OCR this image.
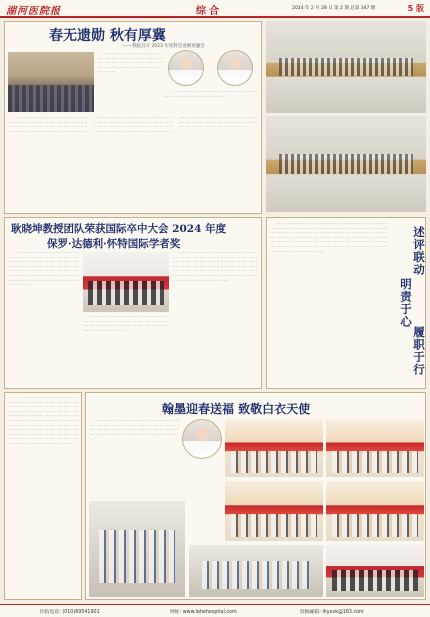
湖河医院报	综合	2024 年 2 月 28 日 第 2 期 总第 347 期	5 版
春无遗勋 秋有厚冀
——我院召开 2023 年度科室述职述廉会

· · · · · · · · · · · · · · · · · · · · · · · · · · · · · · · · · · · · · · · · · · · · · · · · · · · · · · · · · · · · · · · · · · · · · · · · · · · · · · · · · · · · · · · · · · · · · · · · · · · · · · · · · · · · · · · · · · · · · · · · · · · · · · · · ·

· · · · · · · · · · · · · · · · · · · · · · · · · · · · · · · · · · · · · · · · · · · · · · · · · · · · · · · · · · · · · · · · · · · ·

· · · · · · · · · · · · · · · · · · · · · · · · · · · · · · · · · · · · · · · · · · · · · · · · · · · · · · · · · · · · · · · · · · · · · · · · · · · · · · · · · · · · · · · · · · · · · · · · · · · · · · · · · · · · · · · · · · · · · · · · · · · · · · · · · · · · · · · · · · · · · · · · · · · · · · · · · · · · · · · · · · · · · · · · · · · · · · · · · · · · · · · · · · · · · · · · · · · · · · · · · · · · · · · · · · · · · · · · · · · · · · · · · · · · · · · · · · · · · · · · · · · · · · · · · · · · · · · · · · · · · · · · · · · · · · · · · · · · · · · · · · · · · · · · · · · · · · · · · · · · · · · · · · · · · · · · · · · · · · · · · · · · · · · · · · · · · · · · · · · · · · · · · · · · · · · · · · · · · · · · · · · · · · · · · · · · · · · · · · · · · · · · · · · · · · · · · · · · · · ·

耿晓坤教授团队荣获国际卒中大会 2024 年度
保罗·达德利·怀特国际学者奖

· · · · · · · · · · · · · · · · · · · · · · · · · · · · · · · · · · · · · · · · · · · · · · · · · · · · · · · · · · · · · · · · · · · · · · · · · · · · · · · · · · · · · · · · · · · · · · · · · · · · · · · · · · · · · · · · · · · · · · · · · · · · · · · · · · · · · · · · · · · · · · · · · · · · · · · · · · · · · · · · · · · · · · · · · · · · · · · · · · · · · · · · · · · · · · · · · · · · · · · · · · · · · · · · · · · · · · · · · · · · · · · · · · · · · · · · · · · · · · ·

· · · · · · · · · · · · · · · · · · · · · · · · · · · · · · · · · · · · · · · · · · · · · · · · · · · · · · · · · · · · · · · · · · · · · · · · · · · · · · · · · · · · · · · · · · · · · · · · · · · · · · · · · · · · · · · · · · · · · · · · · · · · · · · · · · · · · · · · · · · · · · · · · · · · · · · · · · · · · · · · · · · · · · · · · · · · · · · · · · · · · · · · · · · · · · · · · · · · · · · · · · · · · · · · · · · · · · · · · · · · · · · · · · · · · · · · · · · · · · · · · · · · · · · · · · · · · · · · · · · · · · ·

· · · · · · · · · · · · · · · · · · · · · · · · · · · · · · · · · · · · · · · · · · · · · · · · · · · · · · · · · · · · · · · · · · · · · · · · · · · · · · · · · · · · · · · · · · · · · · · · · · · · · · · · · · · · · · · · · · · · · · · · · · · · · · · · · · · · · · · · ·

· · · · · · · · · · · · · · · · · · · · · · · · · · · · · · · · · · · · · · · · · · · · · · · · · · · · · · · · · · · · · · · · · · · · · · · · · · · · · · · · · · · · · · · · · · · · · · · · · · · · · · · · · · · · · · · · · · · · · · · · · · · · · · · · · · · · · · · · · · · · · · · · · · · · · · · · · · · · · · · · · · · · · · · · · · · · · · · · · · · · · · · · · · · · · · · · · · · · · · · · · · · · · · · · · · · · · · · · · · · · · · · · · · · · · · · · · · · · · · · · · · · · · · · · · · · · · · · · · · · · · · · · · · · · · · · · · · · · · · · · · · · · · · · · · · · · · · · · · · · · · · · · · · · · · · · · · · · · · · · · · · · · · · · · · · · · · · · · · · · · · · · · · · · · · · · ·	述评联动
明责于心
履职于行

· · · · · · · · · · · · · · · · · · · · · · · · · · · · · · · · · · · · · · · · · · · · · · · · · · · · · · · · · · · · · · · · · · · · · · · · · · · · · · · · · · · · · · · · · · · · · · · · · · · · · · · · · · · · · · · · · · · · · · · · · · · · · · · · · · · · · · · · · · · · · · · · · · · · · · · · · · · · · · · · · · · · · · · · · · · · · · · · · · · · · · · · · · · · · · · · · · · · · · · · · · · · · · · · · · · · · · · · · · · · · · · · · · · · · · · · · · · · · · · · · · · · · · · · · · · · · · · · · · · · · · · · · · · · · · · · · · · · · · · · · · · · · · · · · · · · · · · · · · · · · · · · · · · · · · · · · · · · · · · · · · · · · · · · · · · · · · · · · · · · · · · · · · · · · · · · · · · · · ·

翰墨迎春送福 致敬白衣天使

· · · · · · · · · · · · · · · · · · · · · · · · · · · · · · · · · · · · · · · · · · · · · · · · · · · · · · · · · · · · · · · · · · · · · · · · · · · · · · · · · · · · · · · · · · · · · · · · · · · · · · · · · · · · · · · · · · · · · · · · · · · · · · · · · · · · · · · · · · · · · · · · · · · · · · · · · · · · · · · · · · · · · ·

医院电话: (010)69541901	网址: www.lahehospital.com	投稿邮箱: lhyxxk@163.com
